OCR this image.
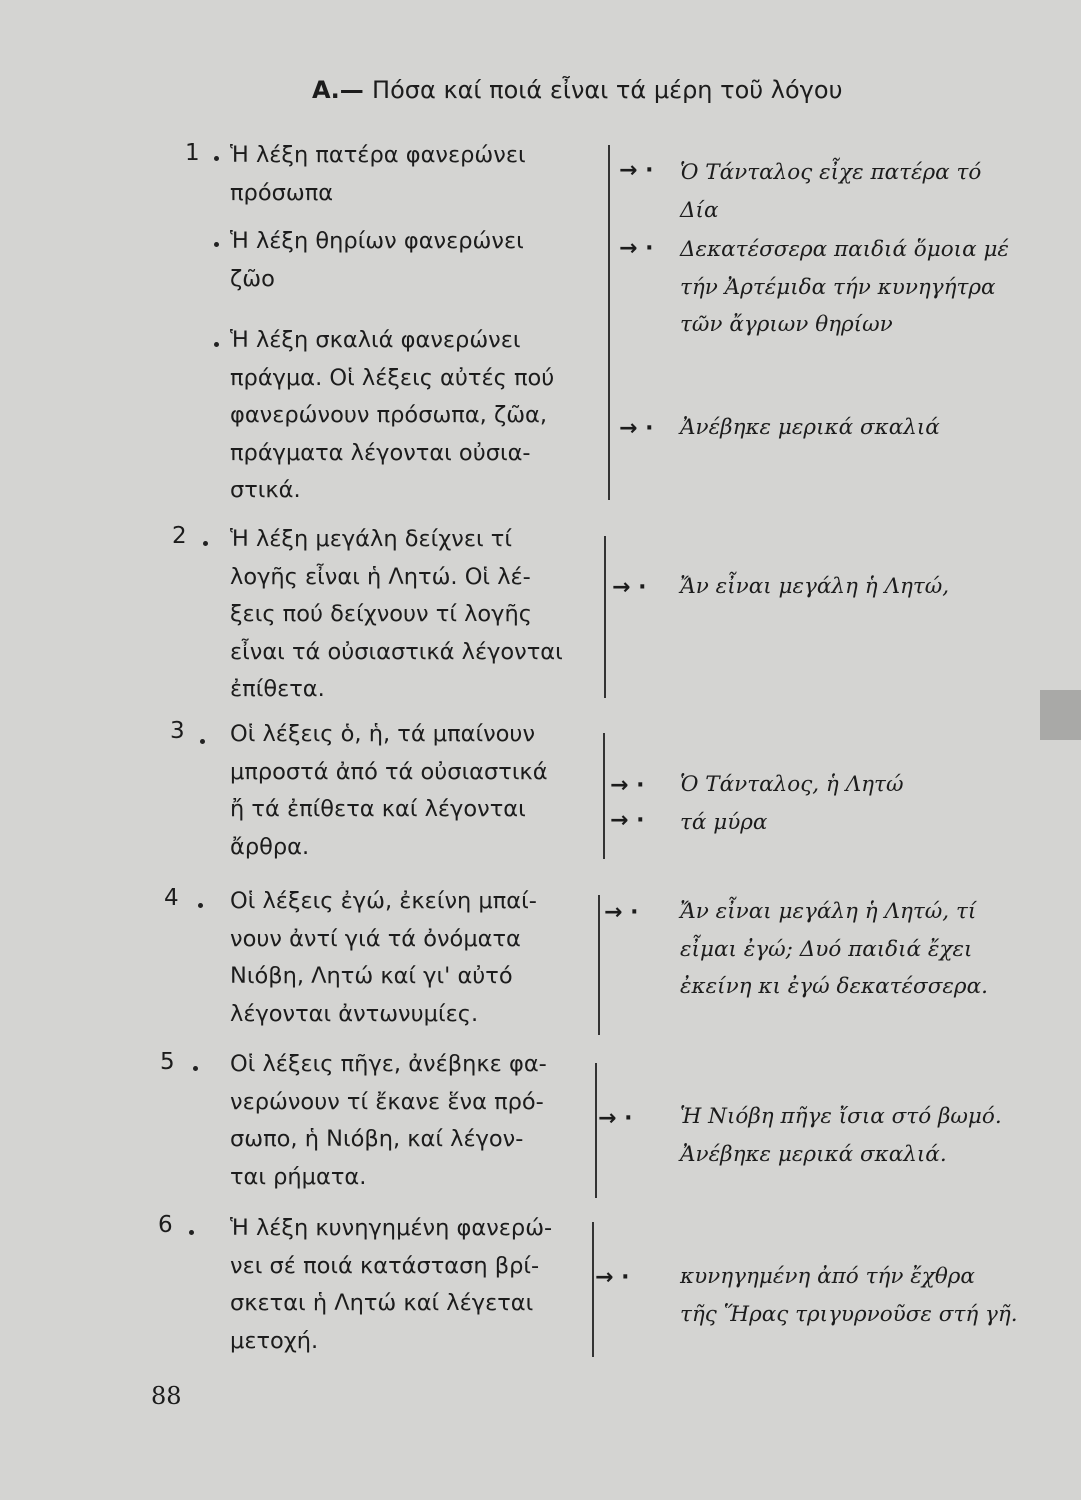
Α.— Πόσα καί ποιά εἶναι τά μέρη τοῦ λόγου
1 Ἡ λέξη πατέρα φανερώνει
πρόσωπα
Ἡ λέξη θηρίων φανερώνει
ζῶο
Ἡ λέξη σκαλιά φανερώνει
πράγμα. Οἱ λέξεις αὐτές πού
φανερώνουν πρόσωπα, ζῶα,
πράγματα λέγονται οὐσια-
στικά.
→ · Ὁ Τάνταλος εἶχε πατέρα τό
Δία
→ · Δεκατέσσερα παιδιά ὅμοια μέ
τήν Ἀρτέμιδα τήν κυνηγήτρα
τῶν ἄγριων θηρίων
→ · Ἀνέβηκε μερικά σκαλιά
2 Ἡ λέξη μεγάλη δείχνει τί
λογῆς εἶναι ἡ Λητώ. Οἱ λέ-
ξεις πού δείχνουν τί λογῆς
εἶναι τά οὐσιαστικά λέγονται
ἐπίθετα.
→ · Ἄν εἶναι μεγάλη ἡ Λητώ,
3 Οἱ λέξεις ὁ, ἡ, τά μπαίνουν
μπροστά ἀπό τά οὐσιαστικά
ἤ τά ἐπίθετα καί λέγονται
ἄρθρα.
→ ·
→ ·
Ὁ Τάνταλος, ἡ Λητώ
τά μύρα
4 Οἱ λέξεις ἐγώ, ἐκείνη μπαί-
νουν ἀντί γιά τά ὀνόματα
Νιόβη, Λητώ καί γι' αὐτό
λέγονται ἀντωνυμίες.
→ · Ἄν εἶναι μεγάλη ἡ Λητώ, τί
εἶμαι ἐγώ; Δυό παιδιά ἔχει
ἐκείνη κι ἐγώ δεκατέσσερα.
5 Οἱ λέξεις πῆγε, ἀνέβηκε φα-
νερώνουν τί ἔκανε ἕνα πρό-
σωπο, ἡ Νιόβη, καί λέγον-
ται ρήματα.
→ · Ἡ Νιόβη πῆγε ἴσια στό βωμό.
Ἀνέβηκε μερικά σκαλιά.
6	Ἡ λέξη κυνηγημένη φανερώ-
νει σέ ποιά κατάσταση βρί-
σκεται ἡ Λητώ καί λέγεται
μετοχή.
→ · κυνηγημένη ἀπό τήν ἔχθρα
τῆς Ἥρας τριγυρνοῦσε στή γῆ.
88
